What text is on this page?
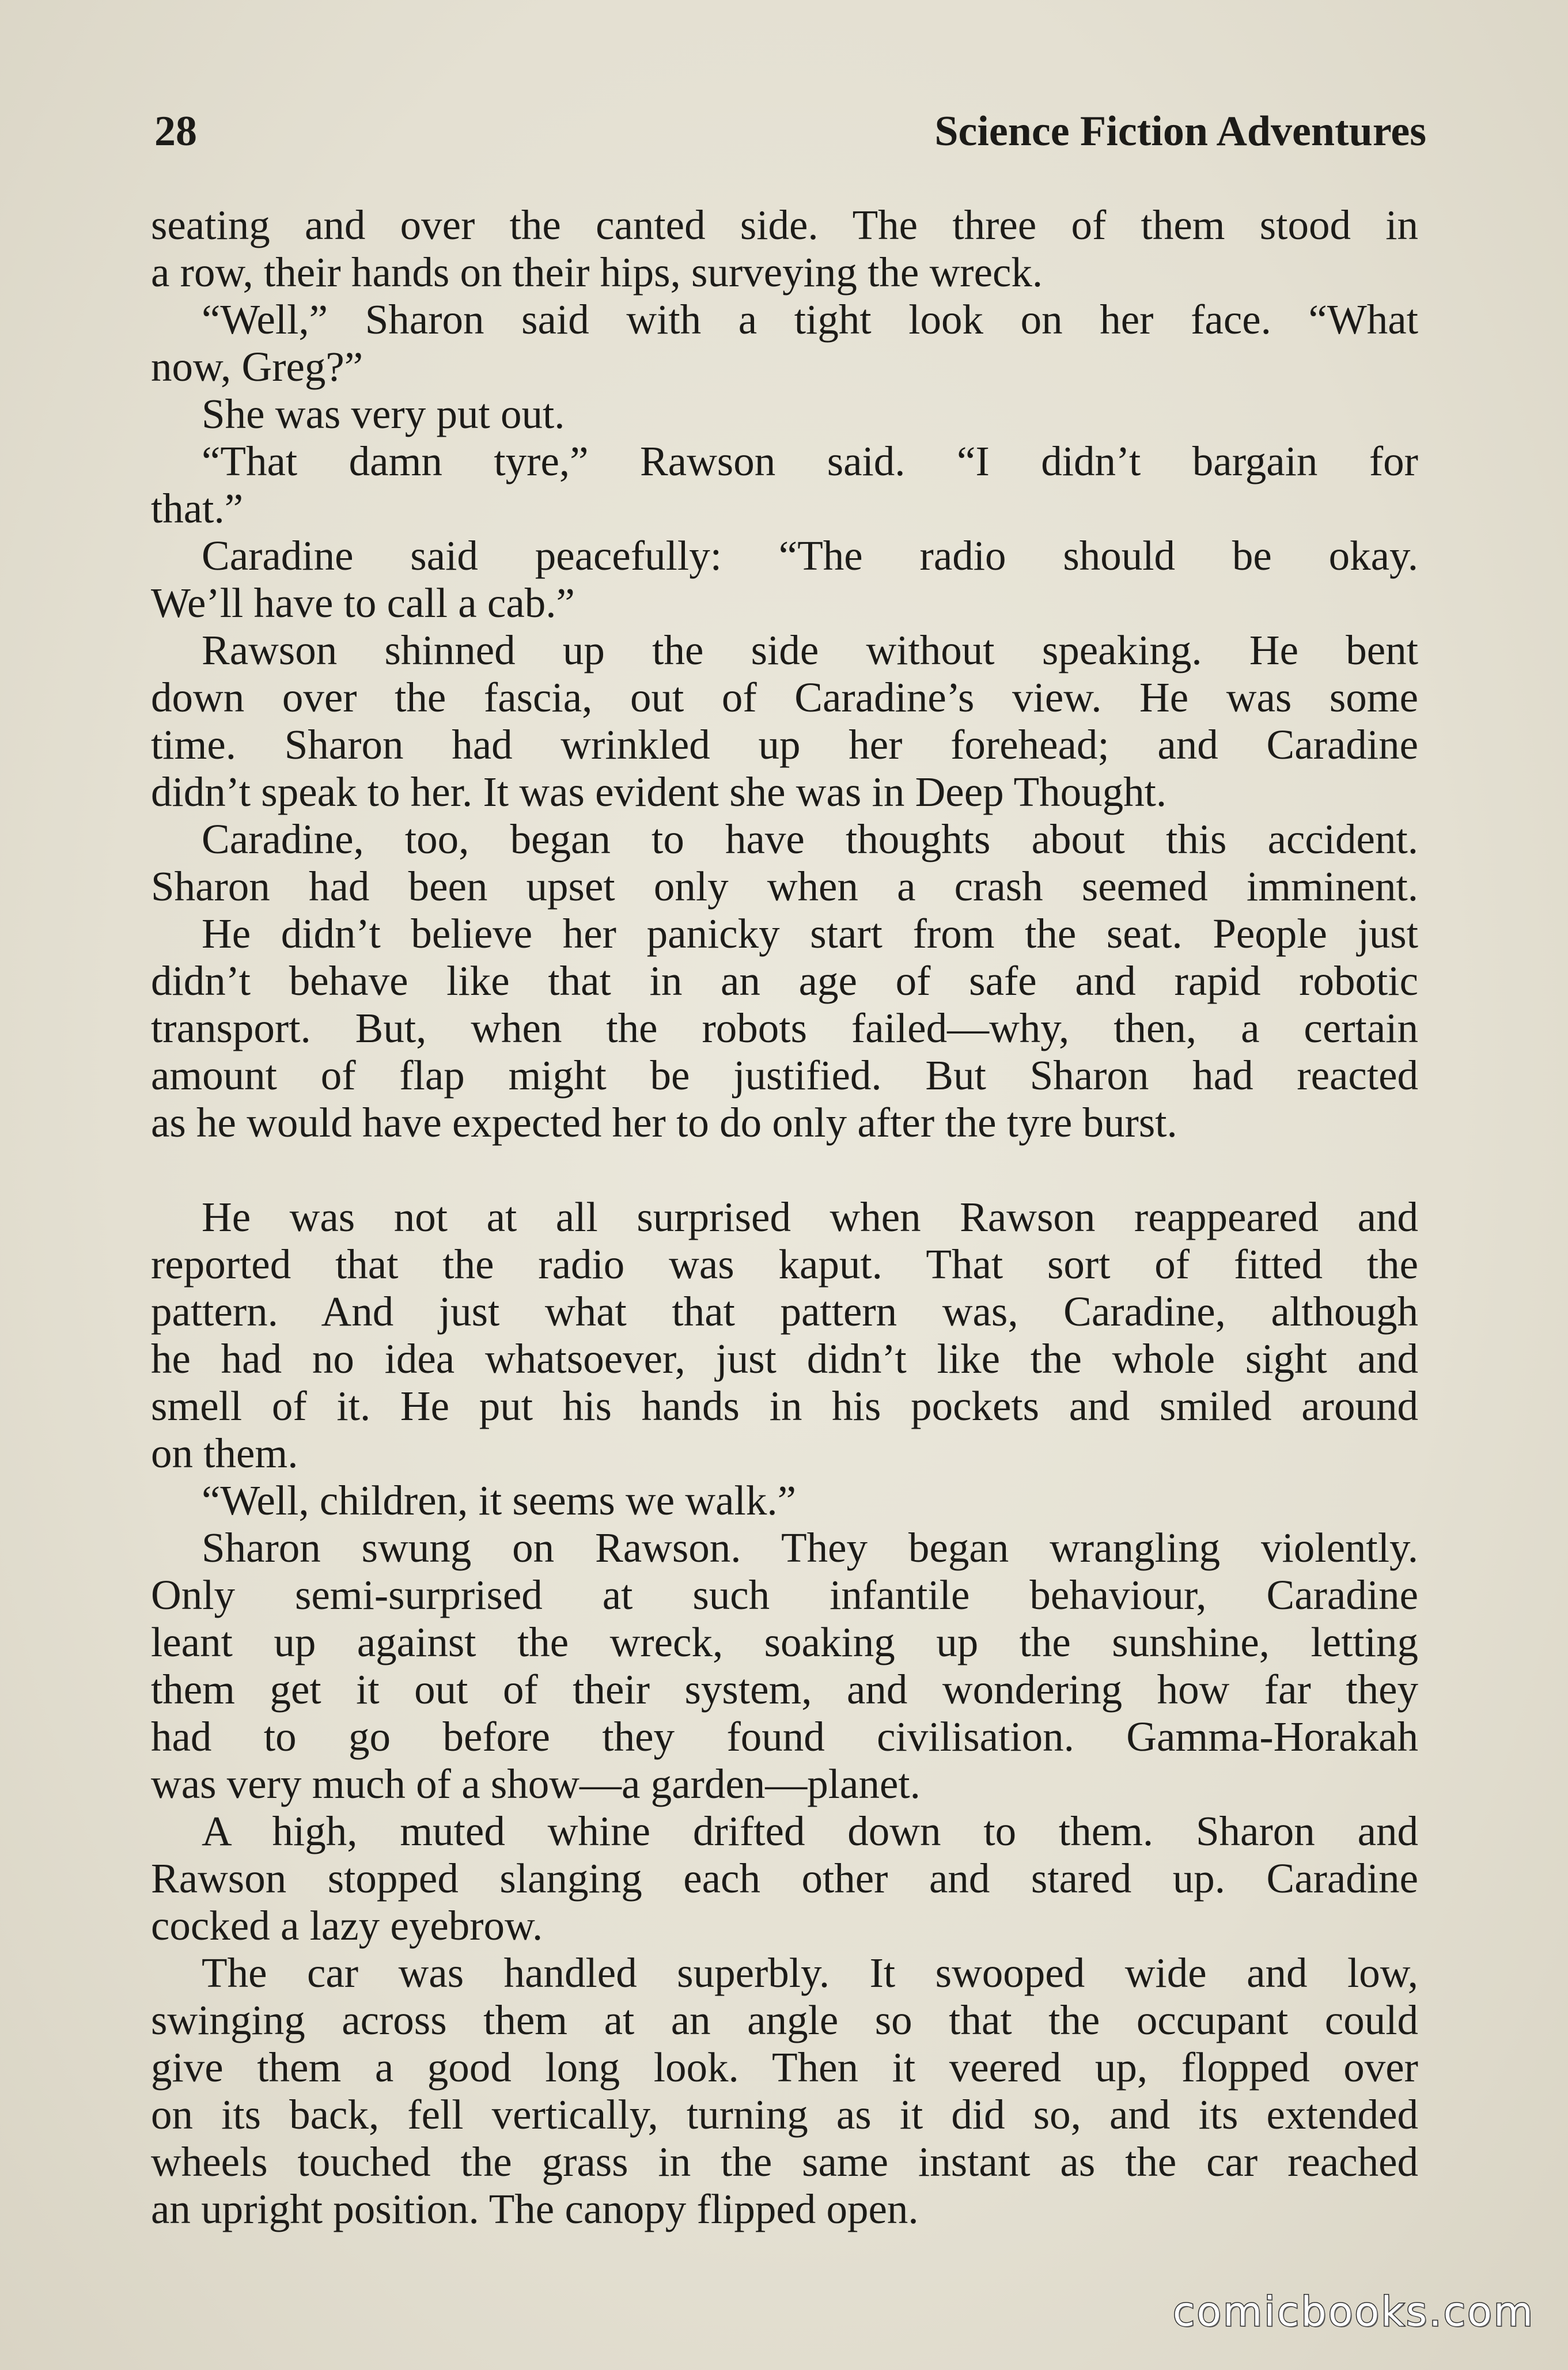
28	Science Fiction Adventures
seating and over the canted side. The three of them stood in
a row, their hands on their hips, surveying the wreck.
“Well,” Sharon said with a tight look on her face. “What
now, Greg?”
She was very put out.
“That damn tyre,” Rawson said. “I didn’t bargain for
that.”
Caradine said peacefully: “The radio should be okay.
We’ll have to call a cab.”
Rawson shinned up the side without speaking. He bent
down over the fascia, out of Caradine’s view. He was some
time. Sharon had wrinkled up her forehead; and Caradine
didn’t speak to her. It was evident she was in Deep Thought.
Caradine, too, began to have thoughts about this accident.
Sharon had been upset only when a crash seemed imminent.
He didn’t believe her panicky start from the seat. People just
didn’t behave like that in an age of safe and rapid robotic
transport. But, when the robots failed—why, then, a certain
amount of flap might be justified. But Sharon had reacted
as he would have expected her to do only after the tyre burst.
He was not at all surprised when Rawson reappeared and
reported that the radio was kaput. That sort of fitted the
pattern. And just what that pattern was, Caradine, although
he had no idea whatsoever, just didn’t like the whole sight and
smell of it. He put his hands in his pockets and smiled around
on them.
“Well, children, it seems we walk.”
Sharon swung on Rawson. They began wrangling violently.
Only semi-surprised at such infantile behaviour, Caradine
leant up against the wreck, soaking up the sunshine, letting
them get it out of their system, and wondering how far they
had to go before they found civilisation. Gamma-Horakah
was very much of a show—a garden—planet.
A high, muted whine drifted down to them. Sharon and
Rawson stopped slanging each other and stared up. Caradine
cocked a lazy eyebrow.
The car was handled superbly. It swooped wide and low,
swinging across them at an angle so that the occupant could
give them a good long look. Then it veered up, flopped over
on its back, fell vertically, turning as it did so, and its extended
wheels touched the grass in the same instant as the car reached
an upright position. The canopy flipped open.
comicbooks.com
